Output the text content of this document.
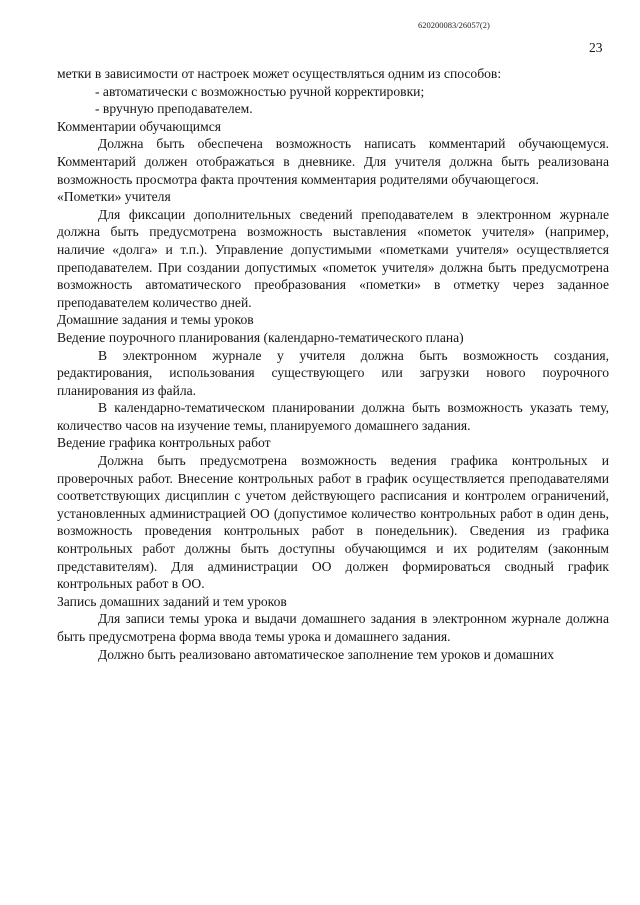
620200083/26057(2)
23

метки в зависимости от настроек может осуществляться одним из способов:

- автоматически с возможностью ручной корректировки;
- вручную преподавателем.

Комментарии обучающимся

Должна быть обеспечена возможность написать комментарий обучающемуся. Комментарий должен отображаться в дневнике. Для учителя должна быть реализована возможность просмотра факта прочтения комментария родителями обучающегося.

«Пометки» учителя

Для фиксации дополнительных сведений преподавателем в электронном журнале должна быть предусмотрена возможность выставления «пометок учителя» (например, наличие «долга» и т.п.). Управление допустимыми «пометками учителя» осуществляется преподавателем. При создании допустимых «пометок учителя» должна быть предусмотрена возможность автоматического преобразования «пометки» в отметку через заданное преподавателем количество дней.

Домашние задания и темы уроков

Ведение поурочного планирования (календарно-тематического плана)

В электронном журнале у учителя должна быть возможность создания, редактирования, использования существующего или загрузки нового поурочного планирования из файла.

В календарно-тематическом планировании должна быть возможность указать тему, количество часов на изучение темы, планируемого домашнего задания.

Ведение графика контрольных работ

Должна быть предусмотрена возможность ведения графика контрольных и проверочных работ. Внесение контрольных работ в график осуществляется преподавателями соответствующих дисциплин с учетом действующего расписания и контролем ограничений, установленных администрацией ОО (допустимое количество контрольных работ в один день, возможность проведения контрольных работ в понедельник). Сведения из графика контрольных работ должны быть доступны обучающимся и их родителям (законным представителям). Для администрации ОО должен формироваться сводный график контрольных работ в ОО.

Запись домашних заданий и тем уроков

Для записи темы урока и выдачи домашнего задания в электронном журнале должна быть предусмотрена форма ввода темы урока и домашнего задания.

Должно быть реализовано автоматическое заполнение тем уроков и домашних
